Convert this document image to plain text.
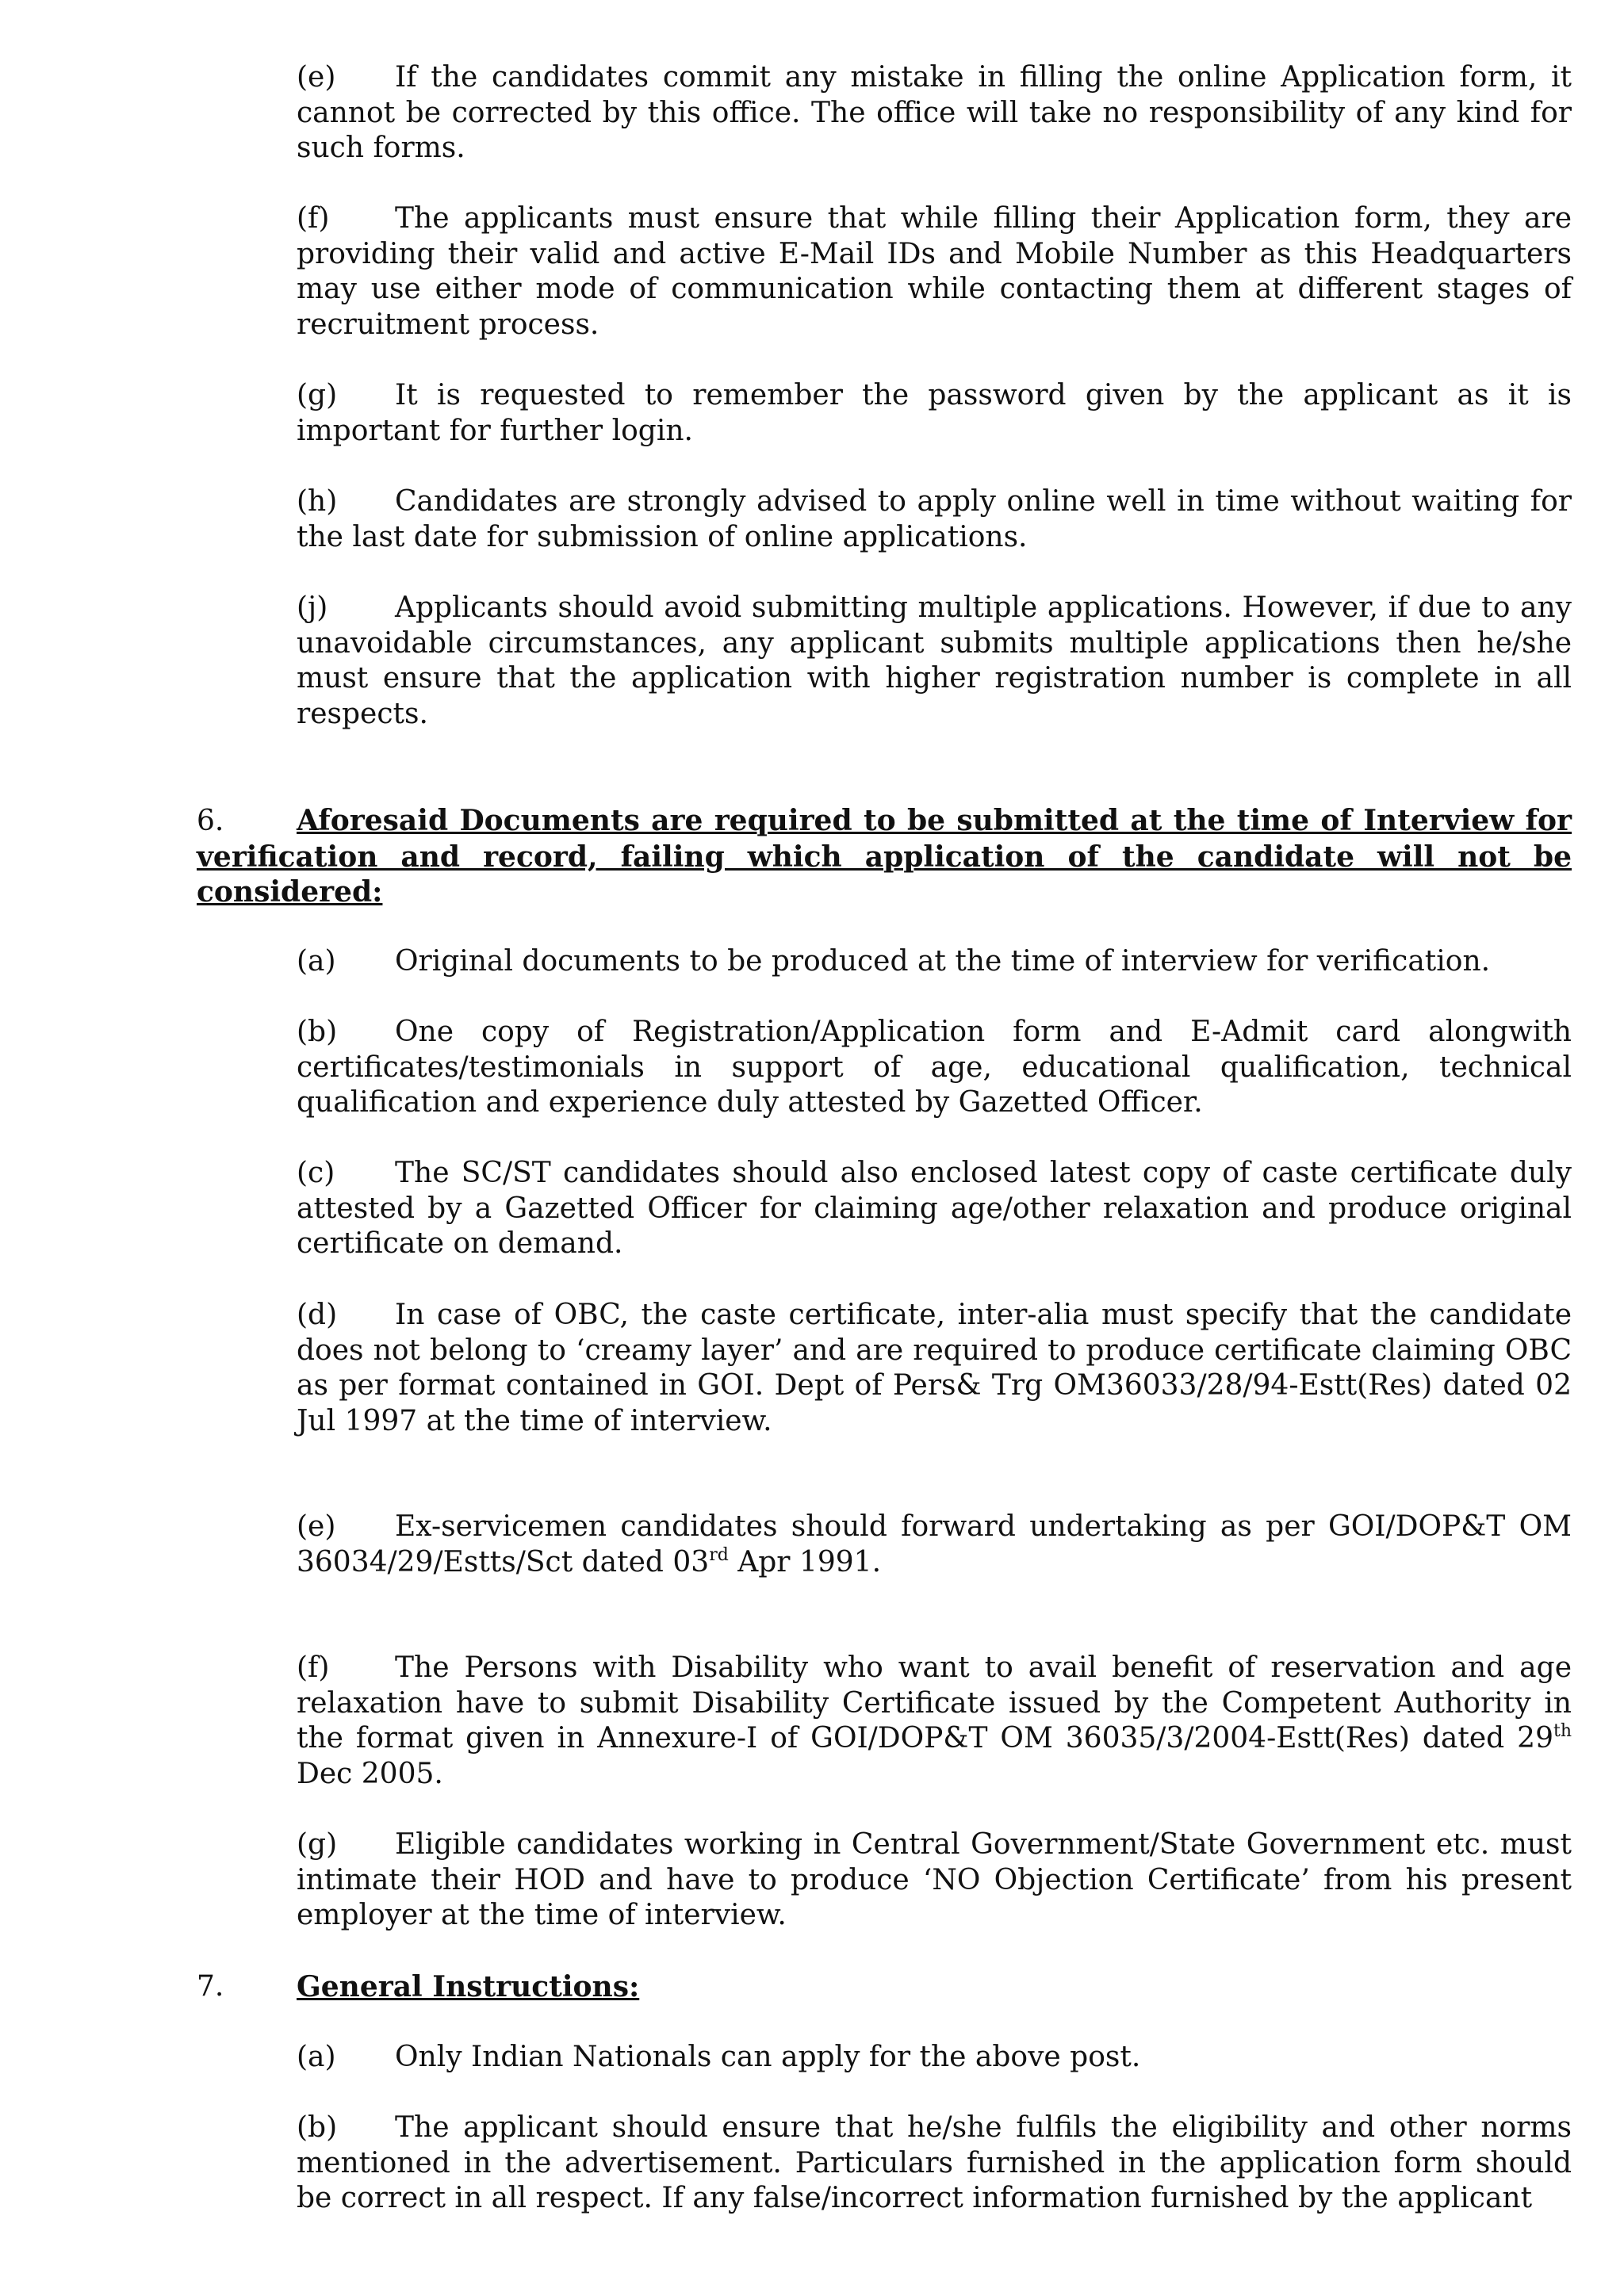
(e) If the candidates commit any mistake in filling the online Application form, it cannot be corrected by this office. The office will take no responsibility of any kind for such forms.

(f) The applicants must ensure that while filling their Application form, they are providing their valid and active E-Mail IDs and Mobile Number as this Headquarters may use either mode of communication while contacting them at different stages of recruitment process.

(g) It is requested to remember the password given by the applicant as it is important for further login.

(h) Candidates are strongly advised to apply online well in time without waiting for the last date for submission of online applications.

(j) Applicants should avoid submitting multiple applications. However, if due to any unavoidable circumstances, any applicant submits multiple applications then he/she must ensure that the application with higher registration number is complete in all respects.

6.	Aforesaid Documents are required to be submitted at the time of Interview for verification and record, failing which application of the candidate will not be considered:

(a) Original documents to be produced at the time of interview for verification.

(b) One copy of Registration/Application form and E-Admit card alongwith certificates/testimonials in support of age, educational qualification, technical qualification and experience duly attested by Gazetted Officer.

(c) The SC/ST candidates should also enclosed latest copy of caste certificate duly attested by a Gazetted Officer for claiming age/other relaxation and produce original certificate on demand.

(d) In case of OBC, the caste certificate, inter-alia must specify that the candidate does not belong to ‘creamy layer’ and are required to produce certificate claiming OBC as per format contained in GOI. Dept of Pers& Trg OM36033/28/94-Estt(Res) dated 02 Jul 1997 at the time of interview.

(e) Ex-servicemen candidates should forward undertaking as per GOI/DOP&T OM 36034/29/Estts/Sct dated 03rd Apr 1991.

(f) The Persons with Disability who want to avail benefit of reservation and age relaxation have to submit Disability Certificate issued by the Competent Authority in the format given in Annexure-I of GOI/DOP&T OM 36035/3/2004-Estt(Res) dated 29th Dec 2005.

(g) Eligible candidates working in Central Government/State Government etc. must intimate their HOD and have to produce ‘NO Objection Certificate’ from his present employer at the time of interview.

7.	General Instructions:

(a) Only Indian Nationals can apply for the above post.

(b) The applicant should ensure that he/she fulfils the eligibility and other norms mentioned in the advertisement. Particulars furnished in the application form should be correct in all respect. If any false/incorrect information furnished by the applicant
